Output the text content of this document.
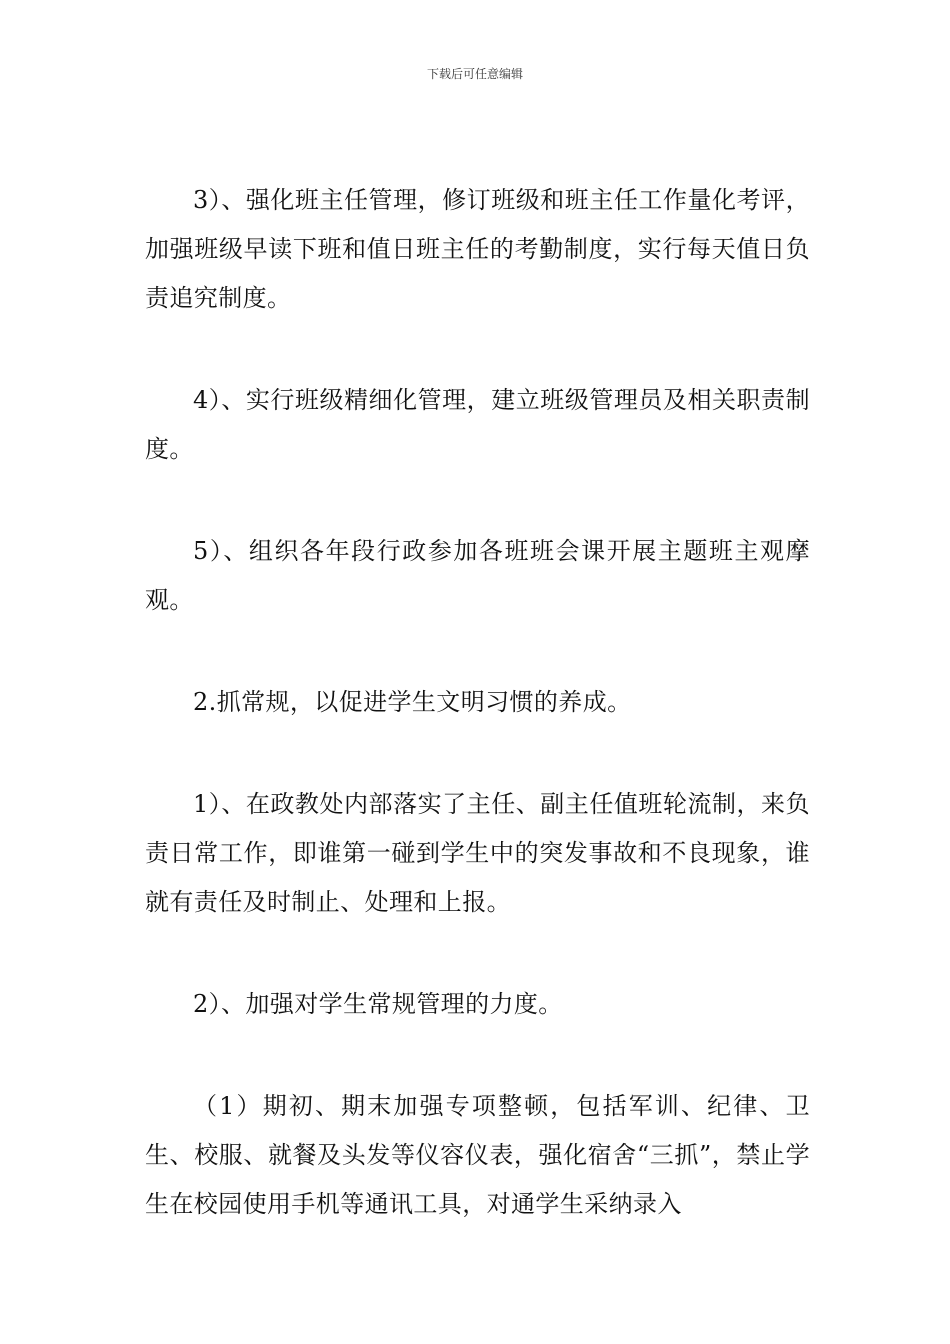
下载后可任意编辑

3）、强化班主任管理，修订班级和班主任工作量化考评，加强班级早读下班和值日班主任的考勤制度，实行每天值日负责追究制度。

4）、实行班级精细化管理，建立班级管理员及相关职责制度。

5）、组织各年段行政参加各班班会课开展主题班主观摩观。

2.抓常规，以促进学生文明习惯的养成。

1）、在政教处内部落实了主任、副主任值班轮流制，来负责日常工作，即谁第一碰到学生中的突发事故和不良现象，谁就有责任及时制止、处理和上报。

2）、加强对学生常规管理的力度。

（1）期初、期末加强专项整顿，包括军训、纪律、卫生、校服、就餐及头发等仪容仪表，强化宿舍“三抓”，禁止学生在校园使用手机等通讯工具，对通学生采纳录入
